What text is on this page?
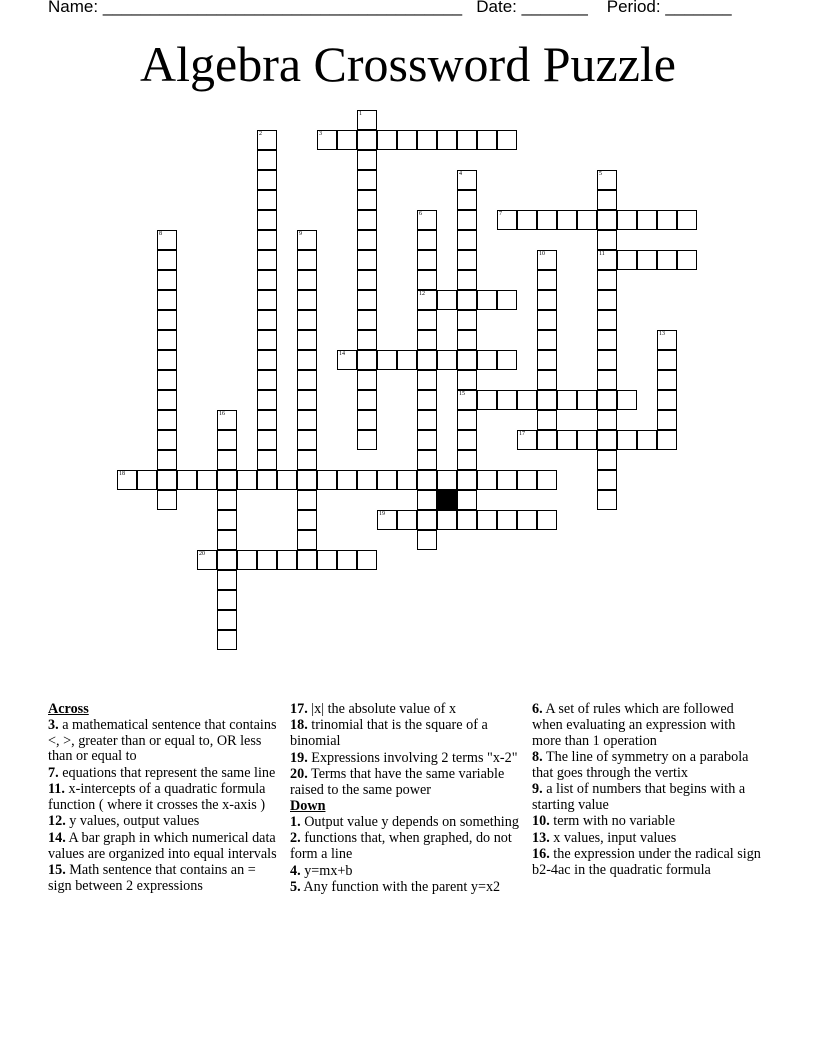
Name: ______________________________________ Date: _______ Period: _______
Algebra Crossword Puzzle
1
2	3
4
15
5
11
6
12
7
8	9
10
13
14
16
17
18
19
20
Across
3. a mathematical sentence that contains <, >, greater than or equal to, OR less than or equal to
7. equations that represent the same line
11. x-intercepts of a quadratic formula function ( where it crosses the x-axis )
12. y values, output values
14. A bar graph in which numerical data values are organized into equal intervals
15. Math sentence that contains an = sign between 2 expressions
17. |x| the absolute value of x
18. trinomial that is the square of a binomial
19. Expressions involving 2 terms "x-2"
20. Terms that have the same variable raised to the same power
Down
1. Output value y depends on something
2. functions that, when graphed, do not form a line
4. y=mx+b
5. Any function with the parent y=x2
6. A set of rules which are followed when evaluating an expression with more than 1 operation
8. The line of symmetry on a parabola that goes through the vertix
9. a list of numbers that begins with a starting value
10. term with no variable
13. x values, input values
16. the expression under the radical sign b2-4ac in the quadratic formula
